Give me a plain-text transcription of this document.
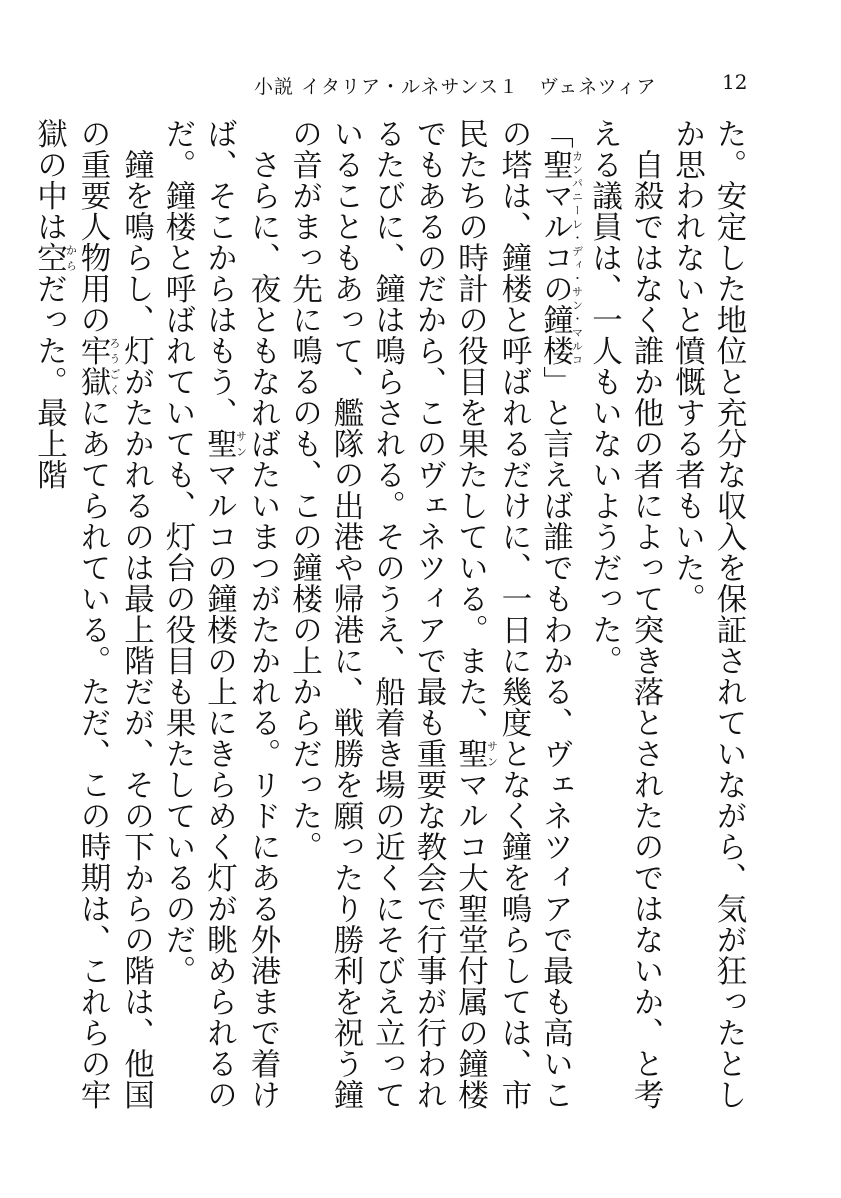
小説 イタリア・ルネサンス１　ヴェネツィア	12

た。安定した地位と充分な収入を保証されていながら、気が狂ったとしか思われないと憤慨する者もいた。

自殺ではなく誰か他の者によって突き落とされたのではないか、と考える議員は、一人もいないようだった。

「聖マルコの鐘楼カンパニーレ・ディ・サン・マルコ」と言えば誰でもわかる、ヴェネツィアで最も高いこの塔は、鐘楼と呼ばれるだけに、一日に幾度となく鐘を鳴らしては、市民たちの時計の役目を果たしている。また、聖サンマルコ大聖堂付属の鐘楼でもあるのだから、このヴェネツィアで最も重要な教会で行事が行われるたびに、鐘は鳴らされる。そのうえ、船着き場の近くにそびえ立っていることもあって、艦隊の出港や帰港に、戦勝を願ったり勝利を祝う鐘の音がまっ先に鳴るのも、この鐘楼の上からだった。

さらに、夜ともなればたいまつがたかれる。リドにある外港まで着けば、そこからはもう、聖サンマルコの鐘楼の上にきらめく灯が眺められるのだ。鐘楼と呼ばれていても、灯台の役目も果たしているのだ。

鐘を鳴らし、灯がたかれるのは最上階だが、その下からの階は、他国の重要人物用の牢獄ろうごくにあてられている。ただ、この時期は、これらの牢獄の中は空からだった。最上階
